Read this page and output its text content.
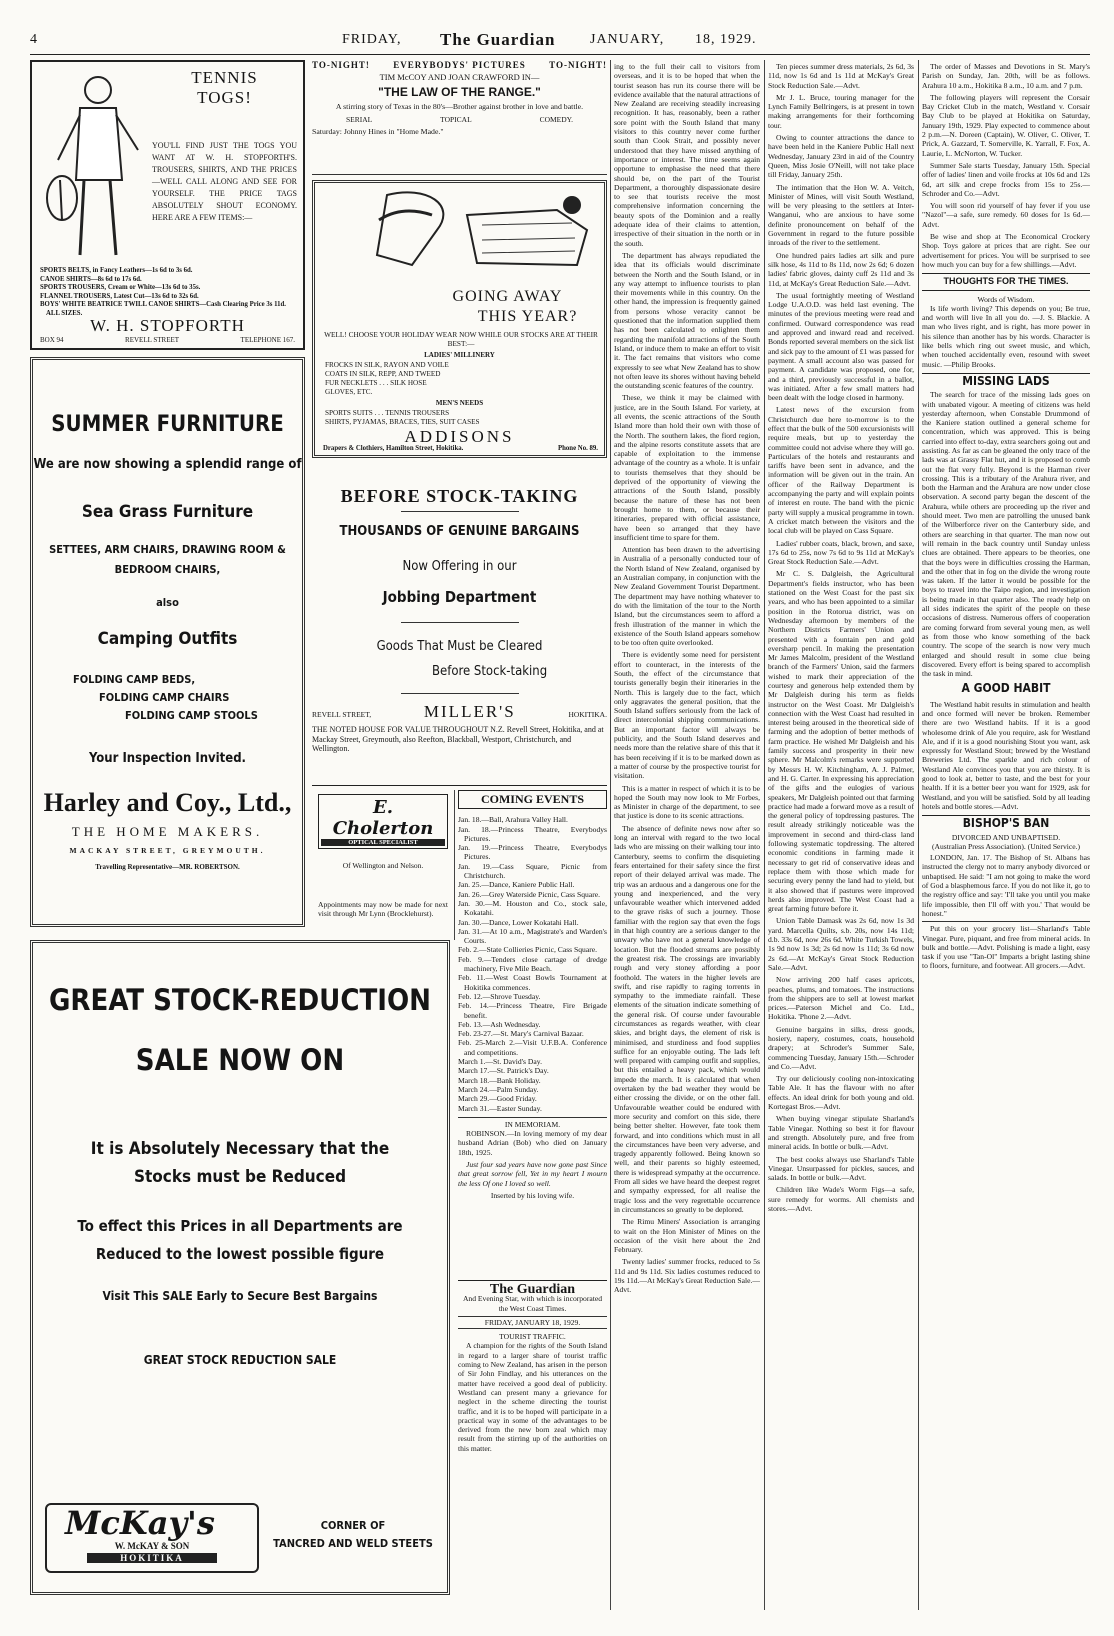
4	FRIDAY, The Guardian JANUARY, 18, 1929.
TENNIS
TOGS!
YOU'LL FIND JUST THE TOGS YOU WANT AT W. H. STOPFORTH'S. TROUSERS, SHIRTS, AND THE PRICES—WELL CALL ALONG AND SEE FOR YOURSELF. THE PRICE TAGS ABSOLUTELY SHOUT ECONOMY. HERE ARE A FEW ITEMS:—

SPORTS BELTS, in Fancy Leathers—1s 6d to 3s 6d.

CANOE SHIRTS—8s 6d to 17s 6d.

SPORTS TROUSERS, Cream or White—13s 6d to 35s.

FLANNEL TROUSERS, Latest Cut—13s 6d to 32s 6d.

BOYS' WHITE BEATRICE TWILL CANOE SHIRTS—Cash Clearing Price 3s 11d. ALL SIZES.

W. H. STOPFORTH
BOX 94	REVELL STREET	TELEPHONE 167.
SUMMER FURNITURE
We are now showing a splendid range of
Sea Grass Furniture
SETTEES, ARM CHAIRS, DRAWING ROOM & BEDROOM CHAIRS,
also
Camping Outfits
FOLDING CAMP BEDS,
FOLDING CAMP CHAIRS
FOLDING CAMP STOOLS
Your Inspection Invited.
Harley and Coy., Ltd.,
THE HOME MAKERS.
MACKAY STREET, GREYMOUTH.
Travelling Representative—MR. ROBERTSON.
GREAT STOCK-REDUCTION
SALE NOW ON
It is Absolutely Necessary that the
Stocks must be Reduced
To effect this Prices in all Departments are
Reduced to the lowest possible figure
Visit This SALE Early to Secure Best Bargains
GREAT STOCK REDUCTION SALE
McKay's
W. McKAY & SON
HOKITIKA
CORNER OF
TANCRED AND WELD STEETS
TO-NIGHT!	EVERYBODYS' PICTURES	TO-NIGHT!
TIM McCOY AND JOAN CRAWFORD IN—
"THE LAW OF THE RANGE."
A stirring story of Texas in the 80's—Brother against brother in love and battle.
SERIAL	TOPICAL	COMEDY.
Saturday: Johnny Hines in "Home Made."
GOING AWAY
THIS YEAR?
WELL! CHOOSE YOUR HOLIDAY WEAR NOW WHILE OUR STOCKS ARE AT THEIR BEST:—
LADIES' MILLINERY
FROCKS IN SILK, RAYON AND VOILE
COATS IN SILK, REPP, AND TWEED
FUR NECKLETS . . . SILK HOSE
GLOVES, ETC.
MEN'S NEEDS
SPORTS SUITS . . . TENNIS TROUSERS
SHIRTS, PYJAMAS, BRACES, TIES, SUIT CASES
ADDISONS
Drapers & Clothiers, Hamilton Street, Hokitika.	Phone No. 89.
BEFORE STOCK-TAKING
THOUSANDS OF GENUINE BARGAINS
Now Offering in our
Jobbing Department
Goods That Must be Cleared
Before Stock-taking
REVELL STREET,	MILLER'S	HOKITIKA.
THE NOTED HOUSE FOR VALUE THROUGHOUT N.Z. Revell Street, Hokitika, and at Mackay Street, Greymouth, also Reefton, Blackball, Westport, Christchurch, and Wellington.
E. Cholerton
OPTICAL SPECIALIST
Of Wellington and Nelson.
Appointments may now be made for next visit through Mr Lynn (Brocklehurst).
COMING EVENTS

Jan. 18.—Ball, Arahura Valley Hall.

Jan. 18.—Princess Theatre, Everybodys Pictures.

Jan. 19.—Princess Theatre, Everybodys Pictures.

Jan. 19.—Cass Square, Picnic from Christchurch.

Jan. 25.—Dance, Kaniere Public Hall.

Jan. 26.—Grey Waterside Picnic, Cass Square.

Jan. 30.—M. Houston and Co., stock sale, Kokatahi.

Jan. 30.—Dance, Lower Kokatahi Hall.

Jan. 31.—At 10 a.m., Magistrate's and Warden's Courts.

Feb. 2.—State Collieries Picnic, Cass Square.

Feb. 9.—Tenders close cartage of dredge machinery, Five Mile Beach.

Feb. 11.—West Coast Bowls Tournament at Hokitika commences.

Feb. 12.—Shrove Tuesday.

Feb. 14.—Princess Theatre, Fire Brigade benefit.

Feb. 13.—Ash Wednesday.

Feb. 23-27.—St. Mary's Carnival Bazaar.

Feb. 25-March 2.—Visit U.F.B.A. Conference and competitions.

March 1.—St. David's Day.

March 17.—St. Patrick's Day.

March 18.—Bank Holiday.

March 24.—Palm Sunday.

March 29.—Good Friday.

March 31.—Easter Sunday.

IN MEMORIAM.

ROBINSON.—In loving memory of my dear husband Adrian (Bob) who died on January 18th, 1925.

Just four sad years have now gone past Since that great sorrow fell, Yet in my heart I mourn the less Of one I loved so well.

Inserted by his loving wife.
The Guardian
And Evening Star, with which is incorporated the West Coast Times.
FRIDAY, JANUARY 18, 1929.
TOURIST TRAFFIC.

A champion for the rights of the South Island in regard to a larger share of tourist traffic coming to New Zealand, has arisen in the person of Sir John Findlay, and his utterances on the matter have received a good deal of publicity. Westland can present many a grievance for neglect in the scheme directing the tourist traffic, and it is to be hoped will participate in a practical way in some of the advantages to be derived from the new born zeal which may result from the stirring up of the authorities on this matter.

ing to the full their call to visitors from overseas, and it is to be hoped that when the tourist season has run its course there will be evidence available that the natural attractions of New Zealand are receiving steadily increasing recognition. It has, reasonably, been a rather sore point with the South Island that many visitors to this country never come further south than Cook Strait, and possibly never understood that they have missed anything of importance or interest. The time seems again opportune to emphasise the need that there should be, on the part of the Tourist Department, a thoroughly dispassionate desire to see that tourists receive the most comprehensive information concerning the beauty spots of the Dominion and a really adequate idea of their claims to attention, irrespective of their situation in the north or in the south.

The department has always repudiated the idea that its officials would discriminate between the North and the South Island, or in any way attempt to influence tourists to plan their movements while in this country. On the other hand, the impression is frequently gained from persons whose veracity cannot be questioned that the information supplied them has not been calculated to enlighten them regarding the manifold attractions of the South Island, or induce them to make an effort to visit it. The fact remains that visitors who come expressly to see what New Zealand has to show not often leave its shores without having beheld the outstanding scenic features of the country.

These, we think it may be claimed with justice, are in the South Island. For variety, at all events, the scenic attractions of the South Island more than hold their own with those of the North. The southern lakes, the fiord region, and the alpine resorts constitute assets that are capable of exploitation to the immense advantage of the country as a whole. It is unfair to tourists themselves that they should be deprived of the opportunity of viewing the attractions of the South Island, possibly because the nature of these has not been brought home to them, or because their itineraries, prepared with official assistance, have been so arranged that they have insufficient time to spare for them.

Attention has been drawn to the advertising in Australia of a personally conducted tour of the North Island of New Zealand, organised by an Australian company, in conjunction with the New Zealand Government Tourist Department. The department may have nothing whatever to do with the limitation of the tour to the North Island, but the circumstances seem to afford a fresh illustration of the manner in which the existence of the South Island appears somehow to be too often quite overlooked.

There is evidently some need for persistent effort to counteract, in the interests of the South, the effect of the circumstance that tourists generally begin their itineraries in the North. This is largely due to the fact, which only aggravates the general position, that the South Island suffers seriously from the lack of direct intercolonial shipping communications. But an important factor will always be publicity, and the South Island deserves and needs more than the relative share of this that it has been receiving if it is to be marked down as a matter of course by the prospective tourist for visitation.

This is a matter in respect of which it is to be hoped the South may now look to Mr Forbes, as Minister in charge of the department, to see that justice is done to its scenic attractions.

The absence of definite news now after so long an interval with regard to the two local lads who are missing on their walking tour into Canterbury, seems to confirm the disquieting fears entertained for their safety since the first report of their delayed arrival was made. The trip was an arduous and a dangerous one for the young and inexperienced, and the very unfavourable weather which intervened added to the grave risks of such a journey. Those familiar with the region say that even the fogs in that high country are a serious danger to the unwary who have not a general knowledge of location. But the flooded streams are possibly the greatest risk. The crossings are invariably rough and very stoney affording a poor foothold. The waters in the higher levels are swift, and rise rapidly to raging torrents in sympathy to the immediate rainfall. These elements of the situation indicate something of the general risk. Of course under favourable circumstances as regards weather, with clear skies, and bright days, the element of risk is minimised, and sturdiness and food supplies suffice for an enjoyable outing. The lads left well prepared with camping outfit and supplies, but this entailed a heavy pack, which would impede the march. It is calculated that when overtaken by the bad weather they would be either crossing the divide, or on the other fall. Unfavourable weather could be endured with more security and comfort on this side, there being better shelter. However, fate took them forward, and into conditions which must in all the circumstances have been very adverse, and tragedy apparently followed. Being known so well, and their parents so highly esteemed, there is widespread sympathy at the occurrence. From all sides we have heard the deepest regret and sympathy expressed, for all realise the tragic loss and the very regrettable occurrence in circumstances so greatly to be deplored.

The Rimu Miners' Association is arranging to wait on the Hon Minister of Mines on the occasion of the visit here about the 2nd February.

Twenty ladies' summer frocks, reduced to 5s 11d and 9s 11d. Six ladies costumes reduced to 19s 11d.—At McKay's Great Reduction Sale.—Advt.

Ten pieces summer dress materials, 2s 6d, 3s 11d, now 1s 6d and 1s 11d at McKay's Great Stock Reduction Sale.—Advt.

Mr J. L. Bruce, touring manager for the Lynch Family Bellringers, is at present in town making arrangements for their forthcoming tour.

Owing to counter attractions the dance to have been held in the Kaniere Public Hall next Wednesday, January 23rd in aid of the Country Queen, Miss Josie O'Neill, will not take place till Friday, January 25th.

The intimation that the Hon W. A. Veitch, Minister of Mines, will visit South Westland, will be very pleasing to the settlers at Inter-Wanganui, who are anxious to have some definite pronouncement on behalf of the Government in regard to the future possible inroads of the river to the settlement.

One hundred pairs ladies art silk and pure silk hose, 4s 11d to 8s 11d, now 2s 6d; 6 dozen ladies' fabric gloves, dainty cuff 2s 11d and 3s 11d, at McKay's Great Reduction Sale.—Advt.

The usual fortnightly meeting of Westland Lodge U.A.O.D. was held last evening. The minutes of the previous meeting were read and confirmed. Outward correspondence was read and approved and inward read and received. Bonds reported several members on the sick list and sick pay to the amount of £1 was passed for payment. A small account also was passed for payment. A candidate was proposed, one for, and a third, previously successful in a ballot, was initiated. After a few small matters had been dealt with the lodge closed in harmony.

Latest news of the excursion from Christchurch due here to-morrow is to the effect that the bulk of the 500 excursionists will require meals, but up to yesterday the committee could not advise where they will go. Particulars of the hotels and restaurants and tariffs have been sent in advance, and the information will be given out in the train. An officer of the Railway Department is accompanying the party and will explain points of interest en route. The band with the picnic party will supply a musical programme in town. A cricket match between the visitors and the local club will be played on Cass Square.

Ladies' rubber coats, black, brown, and saxe, 17s 6d to 25s, now 7s 6d to 9s 11d at McKay's Great Stock Reduction Sale.—Advt.

Mr C. S. Dalgleish, the Agricultural Department's fields instructor, who has been stationed on the West Coast for the past six years, and who has been appointed to a similar position in the Rotorua district, was on Wednesday afternoon by members of the Northern Districts Farmers' Union and presented with a fountain pen and gold eversharp pencil. In making the presentation Mr James Malcolm, president of the Westland branch of the Farmers' Union, said the farmers wished to mark their appreciation of the courtesy and generous help extended them by Mr Dalgleish during his term as fields instructor on the West Coast. Mr Dalgleish's connection with the West Coast had resulted in interest being aroused in the theoretical side of farming and the adoption of better methods of farm practice. He wished Mr Dalgleish and his family success and prosperity in their new sphere. Mr Malcolm's remarks were supported by Messrs H. W. Kitchingham, A. J. Palmer, and H. G. Carter. In expressing his appreciation of the gifts and the eulogies of various speakers, Mr Dalgleish pointed out that farming practice had made a forward move as a result of the general policy of topdressing pastures. The result already strikingly noticeable was the improvement in second and third-class land following systematic topdressing. The altered economic conditions in farming made it necessary to get rid of conservative ideas and replace them with those which made for securing every penny the land had to yield, but it also showed that if pastures were improved herds also improved. The West Coast had a great farming future before it.

Union Table Damask was 2s 6d, now 1s 3d yard. Marcella Quilts, s.b. 20s, now 14s 11d; d.b. 33s 6d, now 26s 6d. White Turkish Towels, 1s 9d now 1s 3d; 2s 6d now 1s 11d; 3s 6d now 2s 6d.—At McKay's Great Stock Reduction Sale.—Advt.

Now arriving 200 half cases apricots, peaches, plums, and tomatoes. The instructions from the shippers are to sell at lowest market prices.—Paterson Michel and Co. Ltd., Hokitika. 'Phone 2.—Advt.

Genuine bargains in silks, dress goods, hosiery, napery, costumes, coats, household drapery; at Schroder's Summer Sale, commencing Tuesday, January 15th.—Schroder and Co.—Advt.

Try our deliciously cooling non-intoxicating Table Ale. It has the flavour with no after effects. An ideal drink for both young and old. Kortegast Bros.—Advt.

When buying vinegar stipulate Sharland's Table Vinegar. Nothing so best it for flavour and strength. Absolutely pure, and free from mineral acids. In bottle or bulk.—Advt.

The best cooks always use Sharland's Table Vinegar. Unsurpassed for pickles, sauces, and salads. In bottle or bulk.—Advt.

Children like Wade's Worm Figs—a safe, sure remedy for worms. All chemists and stores.—Advt.

The order of Masses and Devotions in St. Mary's Parish on Sunday, Jan. 20th, will be as follows. Arahura 10 a.m., Hokitika 8 a.m., 10 a.m. and 7 p.m.

The following players will represent the Corsair Bay Cricket Club in the match, Westland v. Corsair Bay Club to be played at Hokitika on Saturday, January 19th, 1929. Play expected to commence about 2 p.m.—N. Doreen (Captain), W. Oliver, C. Oliver, T. Prick, A. Gazzard, T. Somerville, K. Yarrall, F. Fox, A. Laurie, L. McNorton, W. Tucker.

Summer Sale starts Tuesday, January 15th. Special offer of ladies' linen and voile frocks at 10s 6d and 12s 6d, art silk and crepe frocks from 15s to 25s.—Schroder and Co.—Advt.

You will soon rid yourself of hay fever if you use "Nazol"—a safe, sure remedy. 60 doses for 1s 6d.—Advt.

Be wise and shop at The Economical Crockery Shop. Toys galore at prices that are right. See our advertisement for prices. You will be surprised to see how much you can buy for a few shillings.—Advt.

THOUGHTS FOR THE TIMES.
Words of Wisdom.

Is life worth living? This depends on you; Be true, and worth will live In all you do. —J. S. Blackie. A man who lives right, and is right, has more power in his silence than another has by his words. Character is like bells which ring out sweet music, and which, when touched accidentally even, resound with sweet music. —Philip Brooks.

MISSING LADS

The search for trace of the missing lads goes on with unabated vigour. A meeting of citizens was held yesterday afternoon, when Constable Drummond of the Kaniere station outlined a general scheme for concentration, which was approved. This is being carried into effect to-day, extra searchers going out and assisting. As far as can be gleaned the only trace of the lads was at Grassy Flat hut, and it is proposed to comb out the flat very fully. Beyond is the Harman river crossing. This is a tributary of the Arahura river, and both the Harman and the Arahura are now under close observation. A second party began the descent of the Arahura, while others are proceeding up the river and should meet. Two men are patrolling the unused bank of the Wilberforce river on the Canterbury side, and others are searching in that quarter. The man now out will remain in the back country until Sunday unless clues are obtained. There appears to be theories, one that the boys were in difficulties crossing the Harman, and the other that in fog on the divide the wrong route was taken. If the latter it would be possible for the boys to travel into the Taipo region, and investigation is being made in that quarter also. The ready help on all sides indicates the spirit of the people on these occasions of distress. Numerous offers of cooperation are coming forward from several young men, as well as from those who know something of the back country. The scope of the search is now very much enlarged and should result in some clue being discovered. Every effort is being spared to accomplish the task in mind.

A GOOD HABIT

The Westland habit results in stimulation and health and once formed will never be broken. Remember there are two Westland habits. If it is a good wholesome drink of Ale you require, ask for Westland Ale, and if it is a good nourishing Stout you want, ask expressly for Westland Stout; brewed by the Westland Breweries Ltd. The sparkle and rich colour of Westland Ale convinces you that you are thirsty. It is good to look at, better to taste, and the best for your health. If it is a better beer you want for 1929, ask for Westland, and you will be satisfied. Sold by all leading hotels and bottle stores.—Advt.

BISHOP'S BAN
DIVORCED AND UNBAPTISED.
(Australian Press Association). (United Service.)

LONDON, Jan. 17. The Bishop of St. Albans has instructed the clergy not to marry anybody divorced or unbaptised. He said: "I am not going to make the word of God a blasphemous farce. If you do not like it, go to the registry office and say: 'I'll take you until you make life impossible, then I'll off with you.' That would be honest."

Put this on your grocery list—Sharland's Table Vinegar. Pure, piquant, and free from mineral acids. In bulk and bottle.—Advt. Polishing is made a light, easy task if you use "Tan-Ol" Imparts a bright lasting shine to floors, furniture, and footwear. All grocers.—Advt.
